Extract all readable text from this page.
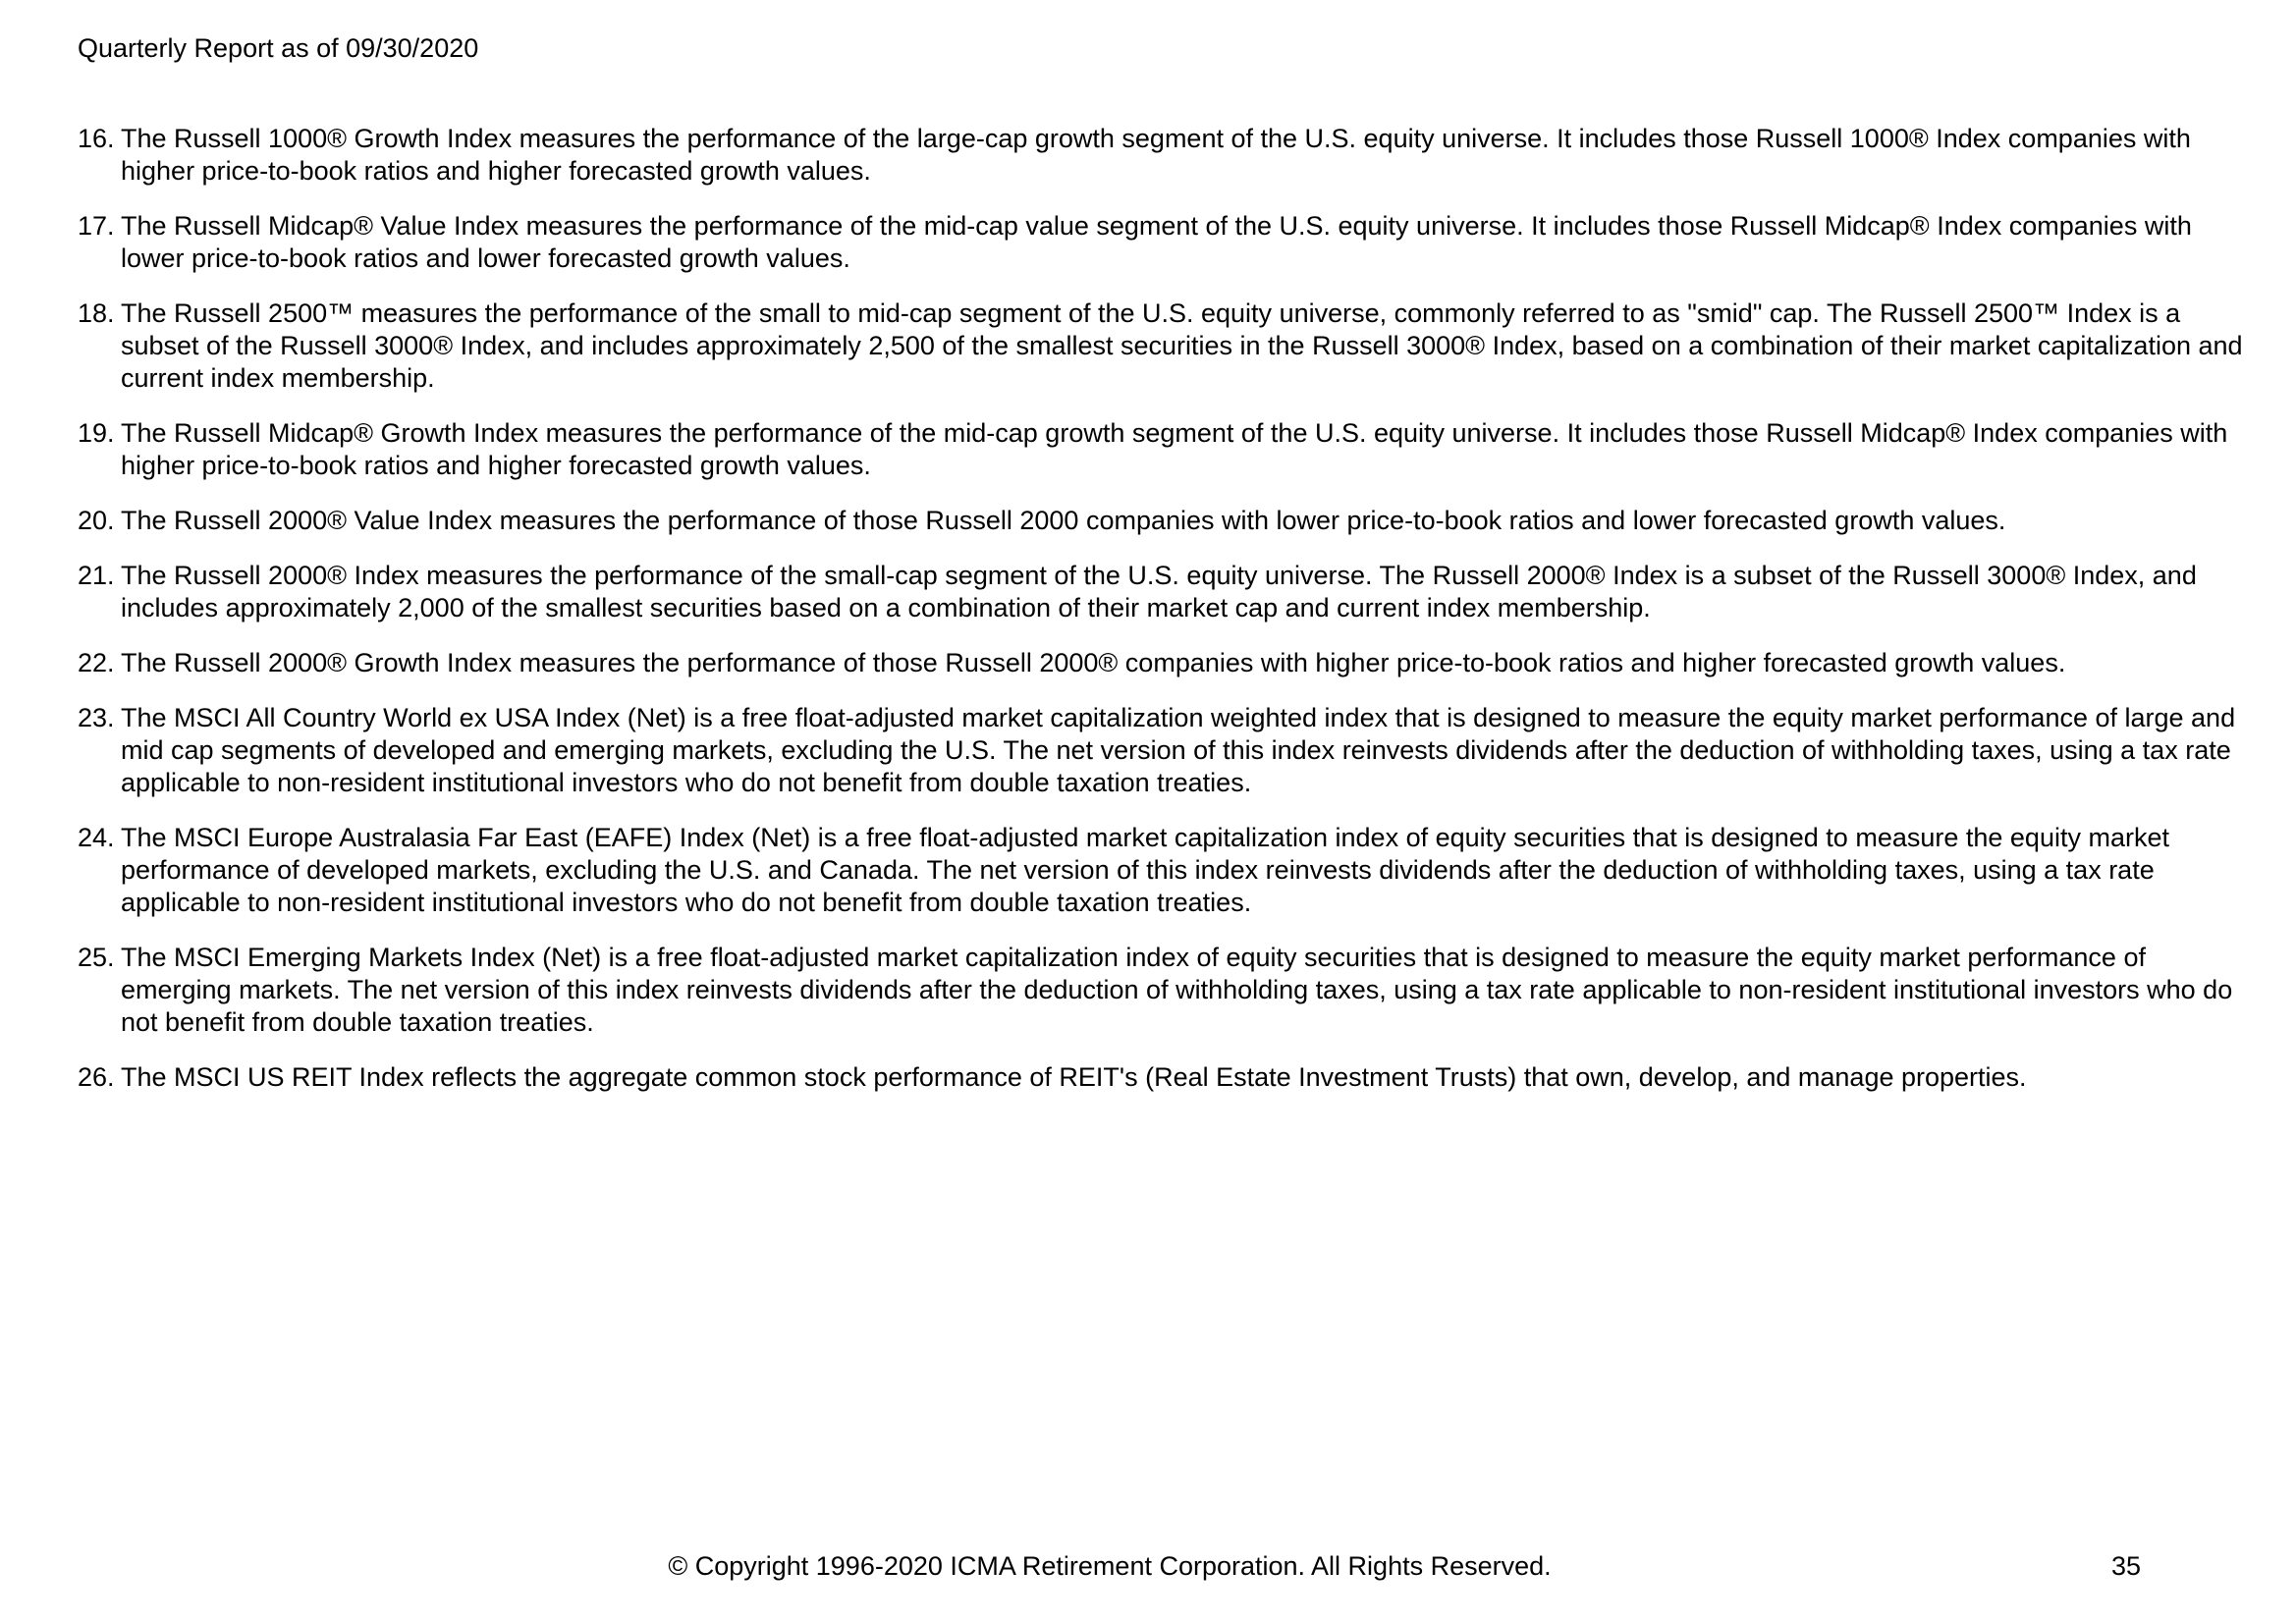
Quarterly Report as of 09/30/2020
16. The Russell 1000® Growth Index measures the performance of the large-cap growth segment of the U.S. equity universe. It includes those Russell 1000® Index companies with higher price-to-book ratios and higher forecasted growth values.
17. The Russell Midcap® Value Index measures the performance of the mid-cap value segment of the U.S. equity universe. It includes those Russell Midcap® Index companies with lower price-to-book ratios and lower forecasted growth values.
18. The Russell 2500™ measures the performance of the small to mid-cap segment of the U.S. equity universe, commonly referred to as "smid" cap. The Russell 2500™ Index is a subset of the Russell 3000® Index, and includes approximately 2,500 of the smallest securities in the Russell 3000® Index, based on a combination of their market capitalization and current index membership.
19. The Russell Midcap® Growth Index measures the performance of the mid-cap growth segment of the U.S. equity universe. It includes those Russell Midcap® Index companies with higher price-to-book ratios and higher forecasted growth values.
20. The Russell 2000® Value Index measures the performance of those Russell 2000 companies with lower price-to-book ratios and lower forecasted growth values.
21. The Russell 2000® Index measures the performance of the small-cap segment of the U.S. equity universe. The Russell 2000® Index is a subset of the Russell 3000® Index, and includes approximately 2,000 of the smallest securities based on a combination of their market cap and current index membership.
22. The Russell 2000® Growth Index measures the performance of those Russell 2000® companies with higher price-to-book ratios and higher forecasted growth values.
23. The MSCI All Country World ex USA Index (Net) is a free float-adjusted market capitalization weighted index that is designed to measure the equity market performance of large and mid cap segments of developed and emerging markets, excluding the U.S. The net version of this index reinvests dividends after the deduction of withholding taxes, using a tax rate applicable to non-resident institutional investors who do not benefit from double taxation treaties.
24. The MSCI Europe Australasia Far East (EAFE) Index (Net) is a free float-adjusted market capitalization index of equity securities that is designed to measure the equity market performance of developed markets, excluding the U.S. and Canada. The net version of this index reinvests dividends after the deduction of withholding taxes, using a tax rate applicable to non-resident institutional investors who do not benefit from double taxation treaties.
25. The MSCI Emerging Markets Index (Net) is a free float-adjusted market capitalization index of equity securities that is designed to measure the equity market performance of emerging markets. The net version of this index reinvests dividends after the deduction of withholding taxes, using a tax rate applicable to non-resident institutional investors who do not benefit from double taxation treaties.
26. The MSCI US REIT Index reflects the aggregate common stock performance of REIT's (Real Estate Investment Trusts) that own, develop, and manage properties.
© Copyright 1996-2020 ICMA Retirement Corporation. All Rights Reserved.	35
